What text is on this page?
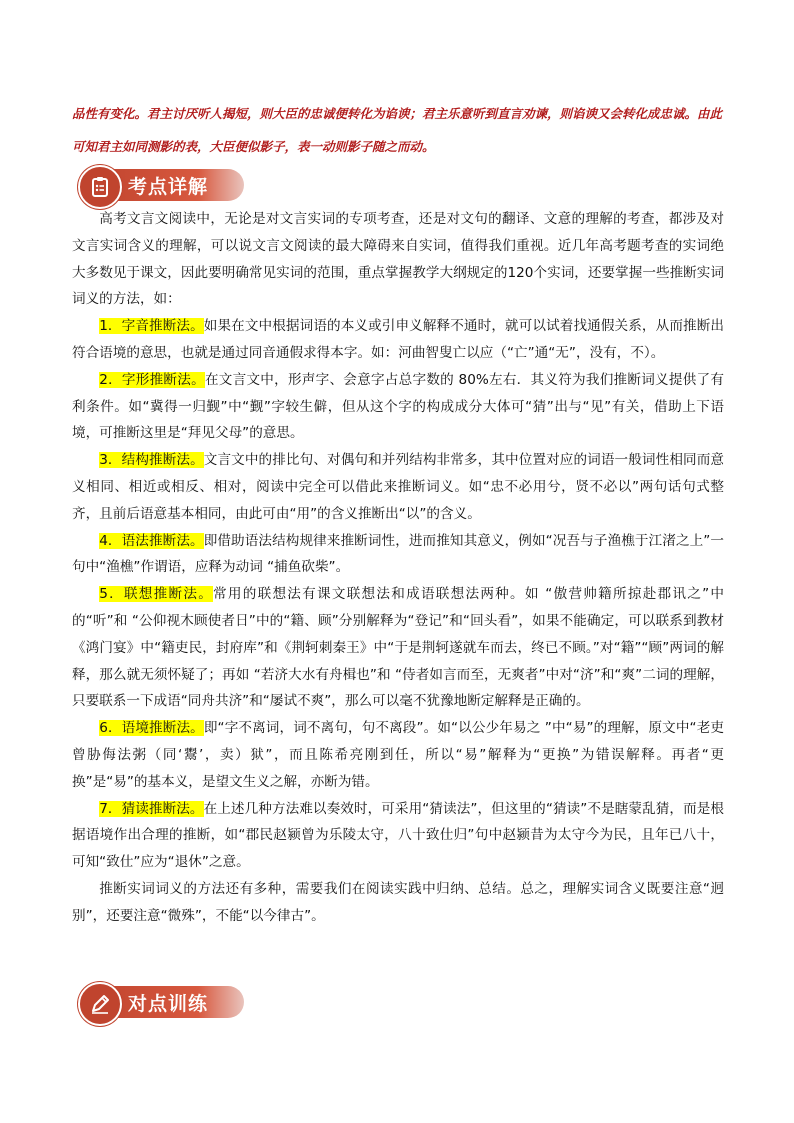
品性有变化。君主讨厌听人揭短，则大臣的忠诚便转化为谄谀；君主乐意听到直言劝谏，则谄谀又会转化成忠诚。由此可知君主如同测影的表，大臣便似影子，表一动则影子随之而动。
考点详解

高考文言文阅读中，无论是对文言实词的专项考查，还是对文句的翻译、文意的理解的考查，都涉及对文言实词含义的理解，可以说文言文阅读的最大障碍来自实词，值得我们重视。近几年高考题考查的实词绝大多数见于课文，因此要明确常见实词的范围，重点掌握教学大纲规定的120个实词，还要掌握一些推断实词词义的方法，如：

1．字音推断法。如果在文中根据词语的本义或引申义解释不通时，就可以试着找通假关系，从而推断出符合语境的意思，也就是通过同音通假求得本字。如：河曲智叟亡以应（“亡”通“无”，没有，不）。

2．字形推断法。在文言文中，形声字、会意字占总字数的 80%左右．其义符为我们推断词义提供了有利条件。如“冀得一归觐”中“觐”字较生僻，但从这个字的构成成分大体可“猜”出与“见”有关，借助上下语境，可推断这里是“拜见父母”的意思。

3．结构推断法。文言文中的排比句、对偶句和并列结构非常多，其中位置对应的词语一般词性相同而意义相同、相近或相反、相对，阅读中完全可以借此来推断词义。如“忠不必用兮，贤不必以”两句话句式整齐，且前后语意基本相同，由此可由“用”的含义推断出“以”的含义。

4．语法推断法。即借助语法结构规律来推断词性，进而推知其意义，例如“况吾与子渔樵于江渚之上”一句中“渔樵”作谓语，应释为动词 “捕鱼砍柴”。

5．联想推断法。常用的联想法有课文联想法和成语联想法两种。如 “傲营帅籍所掠赴郡讯之”中的“听”和 “公仰视木顾使者日”中的“籍、顾”分别解释为“登记”和“回头看”，如果不能确定，可以联系到教材《鸿门宴》中“籍吏民，封府库”和《荆轲刺秦王》中“于是荆轲遂就车而去，终已不顾。”对“籍”“顾”两词的解释，那么就无须怀疑了；再如 “若济大水有舟楫也”和 “侍者如言而至，无爽者”中对“济”和“爽”二词的理解，只要联系一下成语“同舟共济”和“屡试不爽”，那么可以毫不犹豫地断定解释是正确的。

6．语境推断法。即“字不离词，词不离句，句不离段”。如“以公少年易之 ”中“易”的理解，原文中“老吏曾胁侮法粥（同‘鬻’，卖）狱”，而且陈希亮刚到任，所以“易”解释为“更换”为错误解释。再者“更换”是“易”的基本义，是望文生义之解，亦断为错。

7．猜读推断法。在上述几种方法难以奏效时，可采用“猜读法”，但这里的“猜读”不是瞎蒙乱猜，而是根据语境作出合理的推断，如“郡民赵颍曾为乐陵太守，八十致仕归”句中赵颍昔为太守今为民，且年已八十，可知“致仕”应为“退休”之意。

推断实词词义的方法还有多种，需要我们在阅读实践中归纳、总结。总之，理解实词含义既要注意“迥别”，还要注意“微殊”，不能“以今律古”。

对点训练
